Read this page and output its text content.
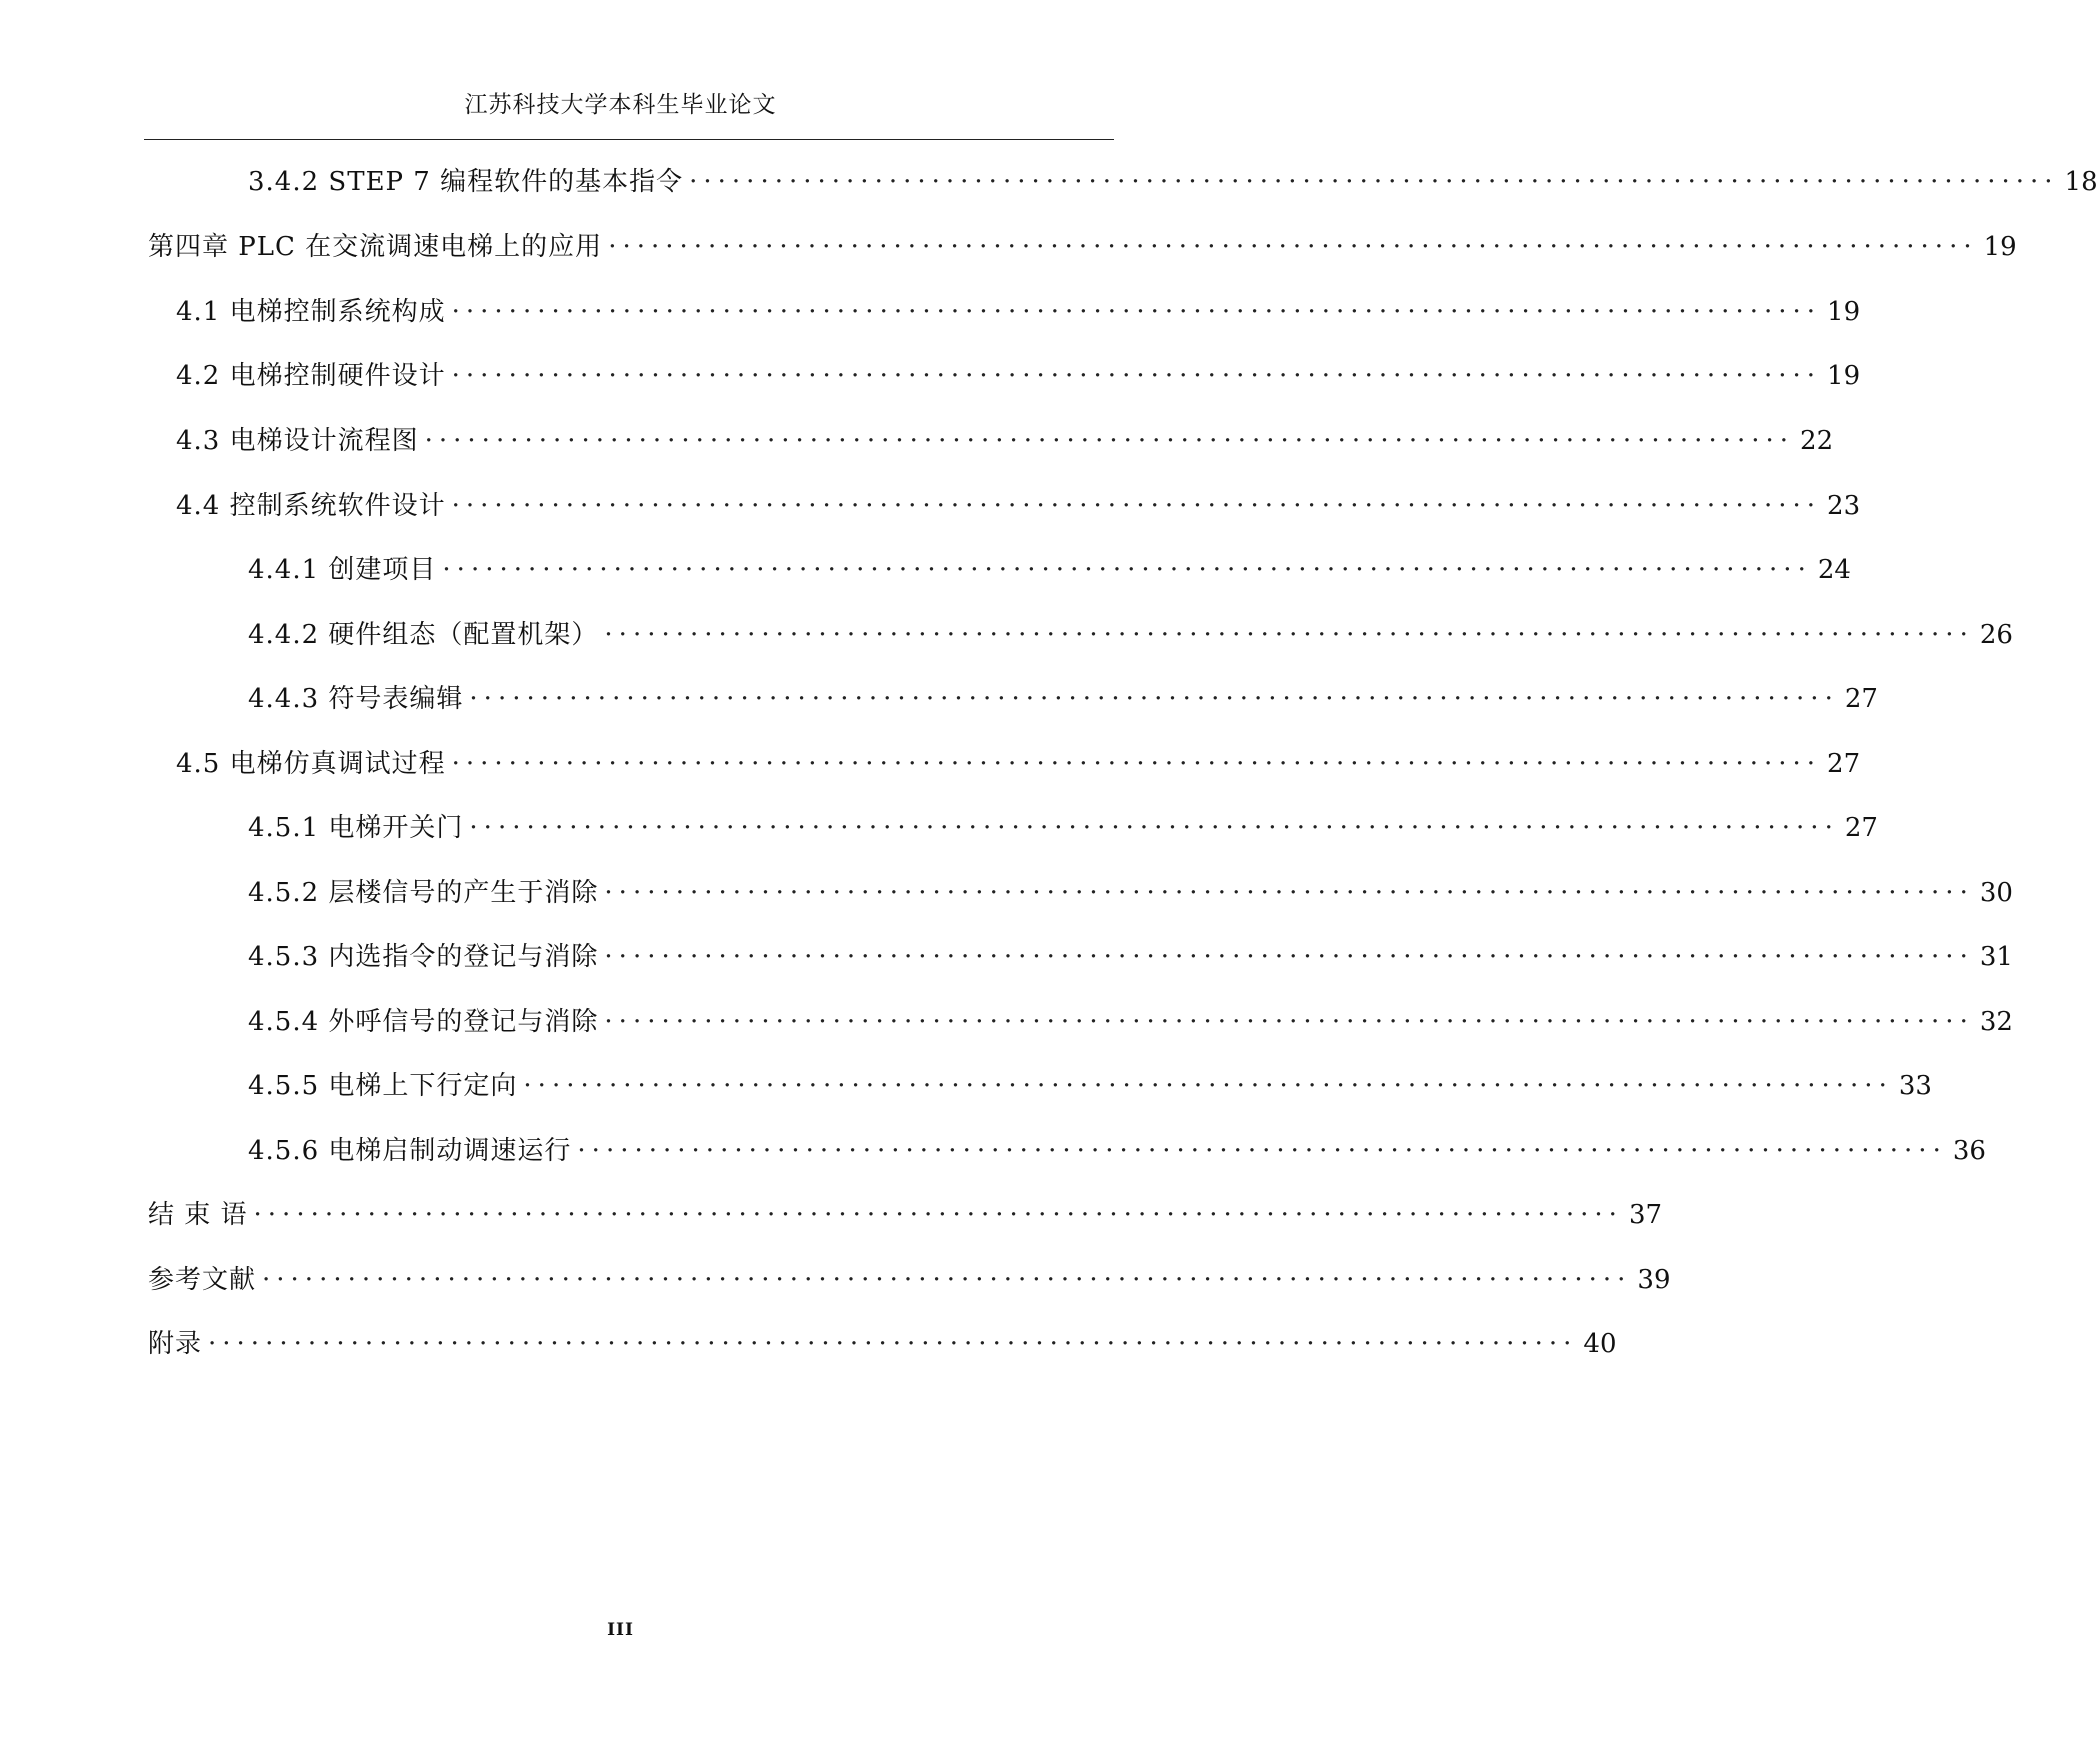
江苏科技大学本科生毕业论文
3.4.2 STEP 7 编程软件的基本指令 ································································································ 18
第四章 PLC 在交流调速电梯上的应用 ································································································ 19
4.1 电梯控制系统构成 ································································································ 19
4.2 电梯控制硬件设计 ································································································ 19
4.3 电梯设计流程图 ································································································ 22
4.4 控制系统软件设计 ································································································ 23
4.4.1 创建项目 ································································································ 24
4.4.2 硬件组态（配置机架） ································································································ 26
4.4.3 符号表编辑 ································································································ 27
4.5 电梯仿真调试过程 ································································································ 27
4.5.1 电梯开关门 ································································································ 27
4.5.2 层楼信号的产生于消除 ································································································ 30
4.5.3 内选指令的登记与消除 ································································································ 31
4.5.4 外呼信号的登记与消除 ································································································ 32
4.5.5 电梯上下行定向 ································································································ 33
4.5.6 电梯启制动调速运行 ································································································ 36
结 束 语 ································································································ 37
参考文献 ································································································ 39
附录 ································································································ 40
III
